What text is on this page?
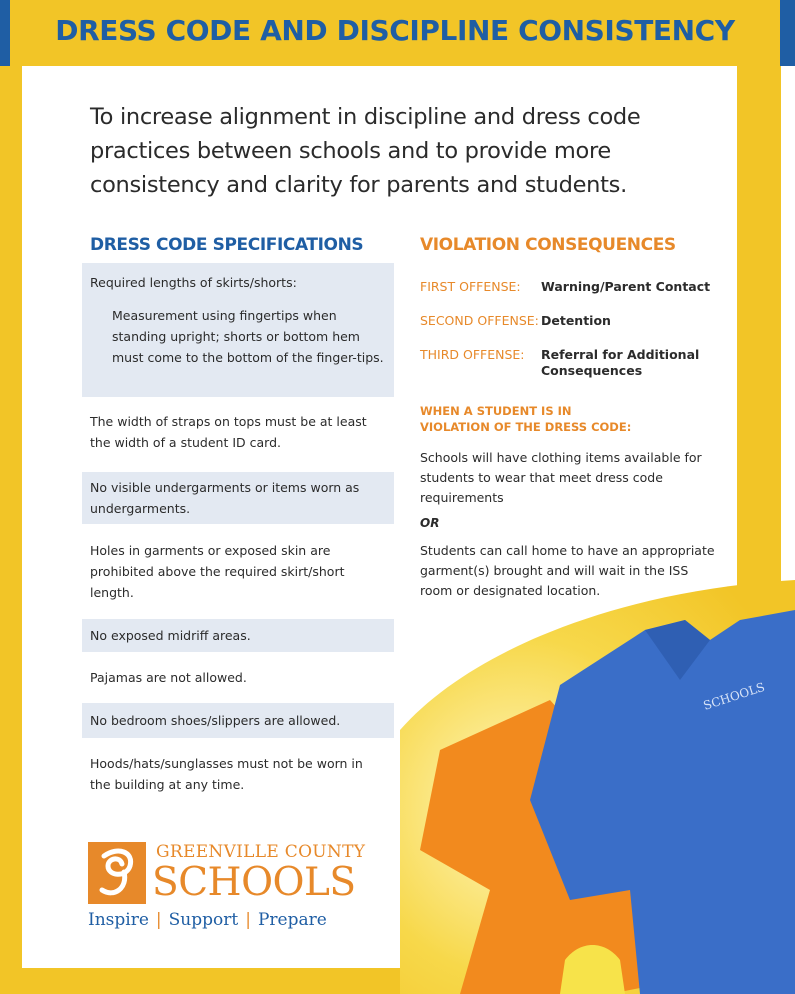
DRESS CODE AND DISCIPLINE CONSISTENCY
To increase alignment in discipline and dress code practices between schools and to provide more consistency and clarity for parents and students.
DRESS CODE SPECIFICATIONS	VIOLATION CONSEQUENCES
Required lengths of skirts/shorts:
Measurement using fingertips when standing upright; shorts or bottom hem must come to the bottom of the finger-tips.
The width of straps on tops must be at least the width of a student ID card.
No visible undergarments or items worn as undergarments.
Holes in garments or exposed skin are prohibited above the required skirt/short length.
No exposed midriff areas.
Pajamas are not allowed.
No bedroom shoes/slippers are allowed.
Hoods/hats/sunglasses must not be worn in the building at any time.
FIRST OFFENSE: Warning/Parent Contact
SECOND OFFENSE: Detention
THIRD OFFENSE: Referral for Additional Consequences
WHEN A STUDENT IS IN VIOLATION OF THE DRESS CODE:
Schools will have clothing items available for students to wear that meet dress code requirements
OR
Students can call home to have an appropriate garment(s) brought and will wait in the ISS room or designated location.
SCHOOLS
GREENVILLE COUNTY
SCHOOLS
Inspire | Support | Prepare
